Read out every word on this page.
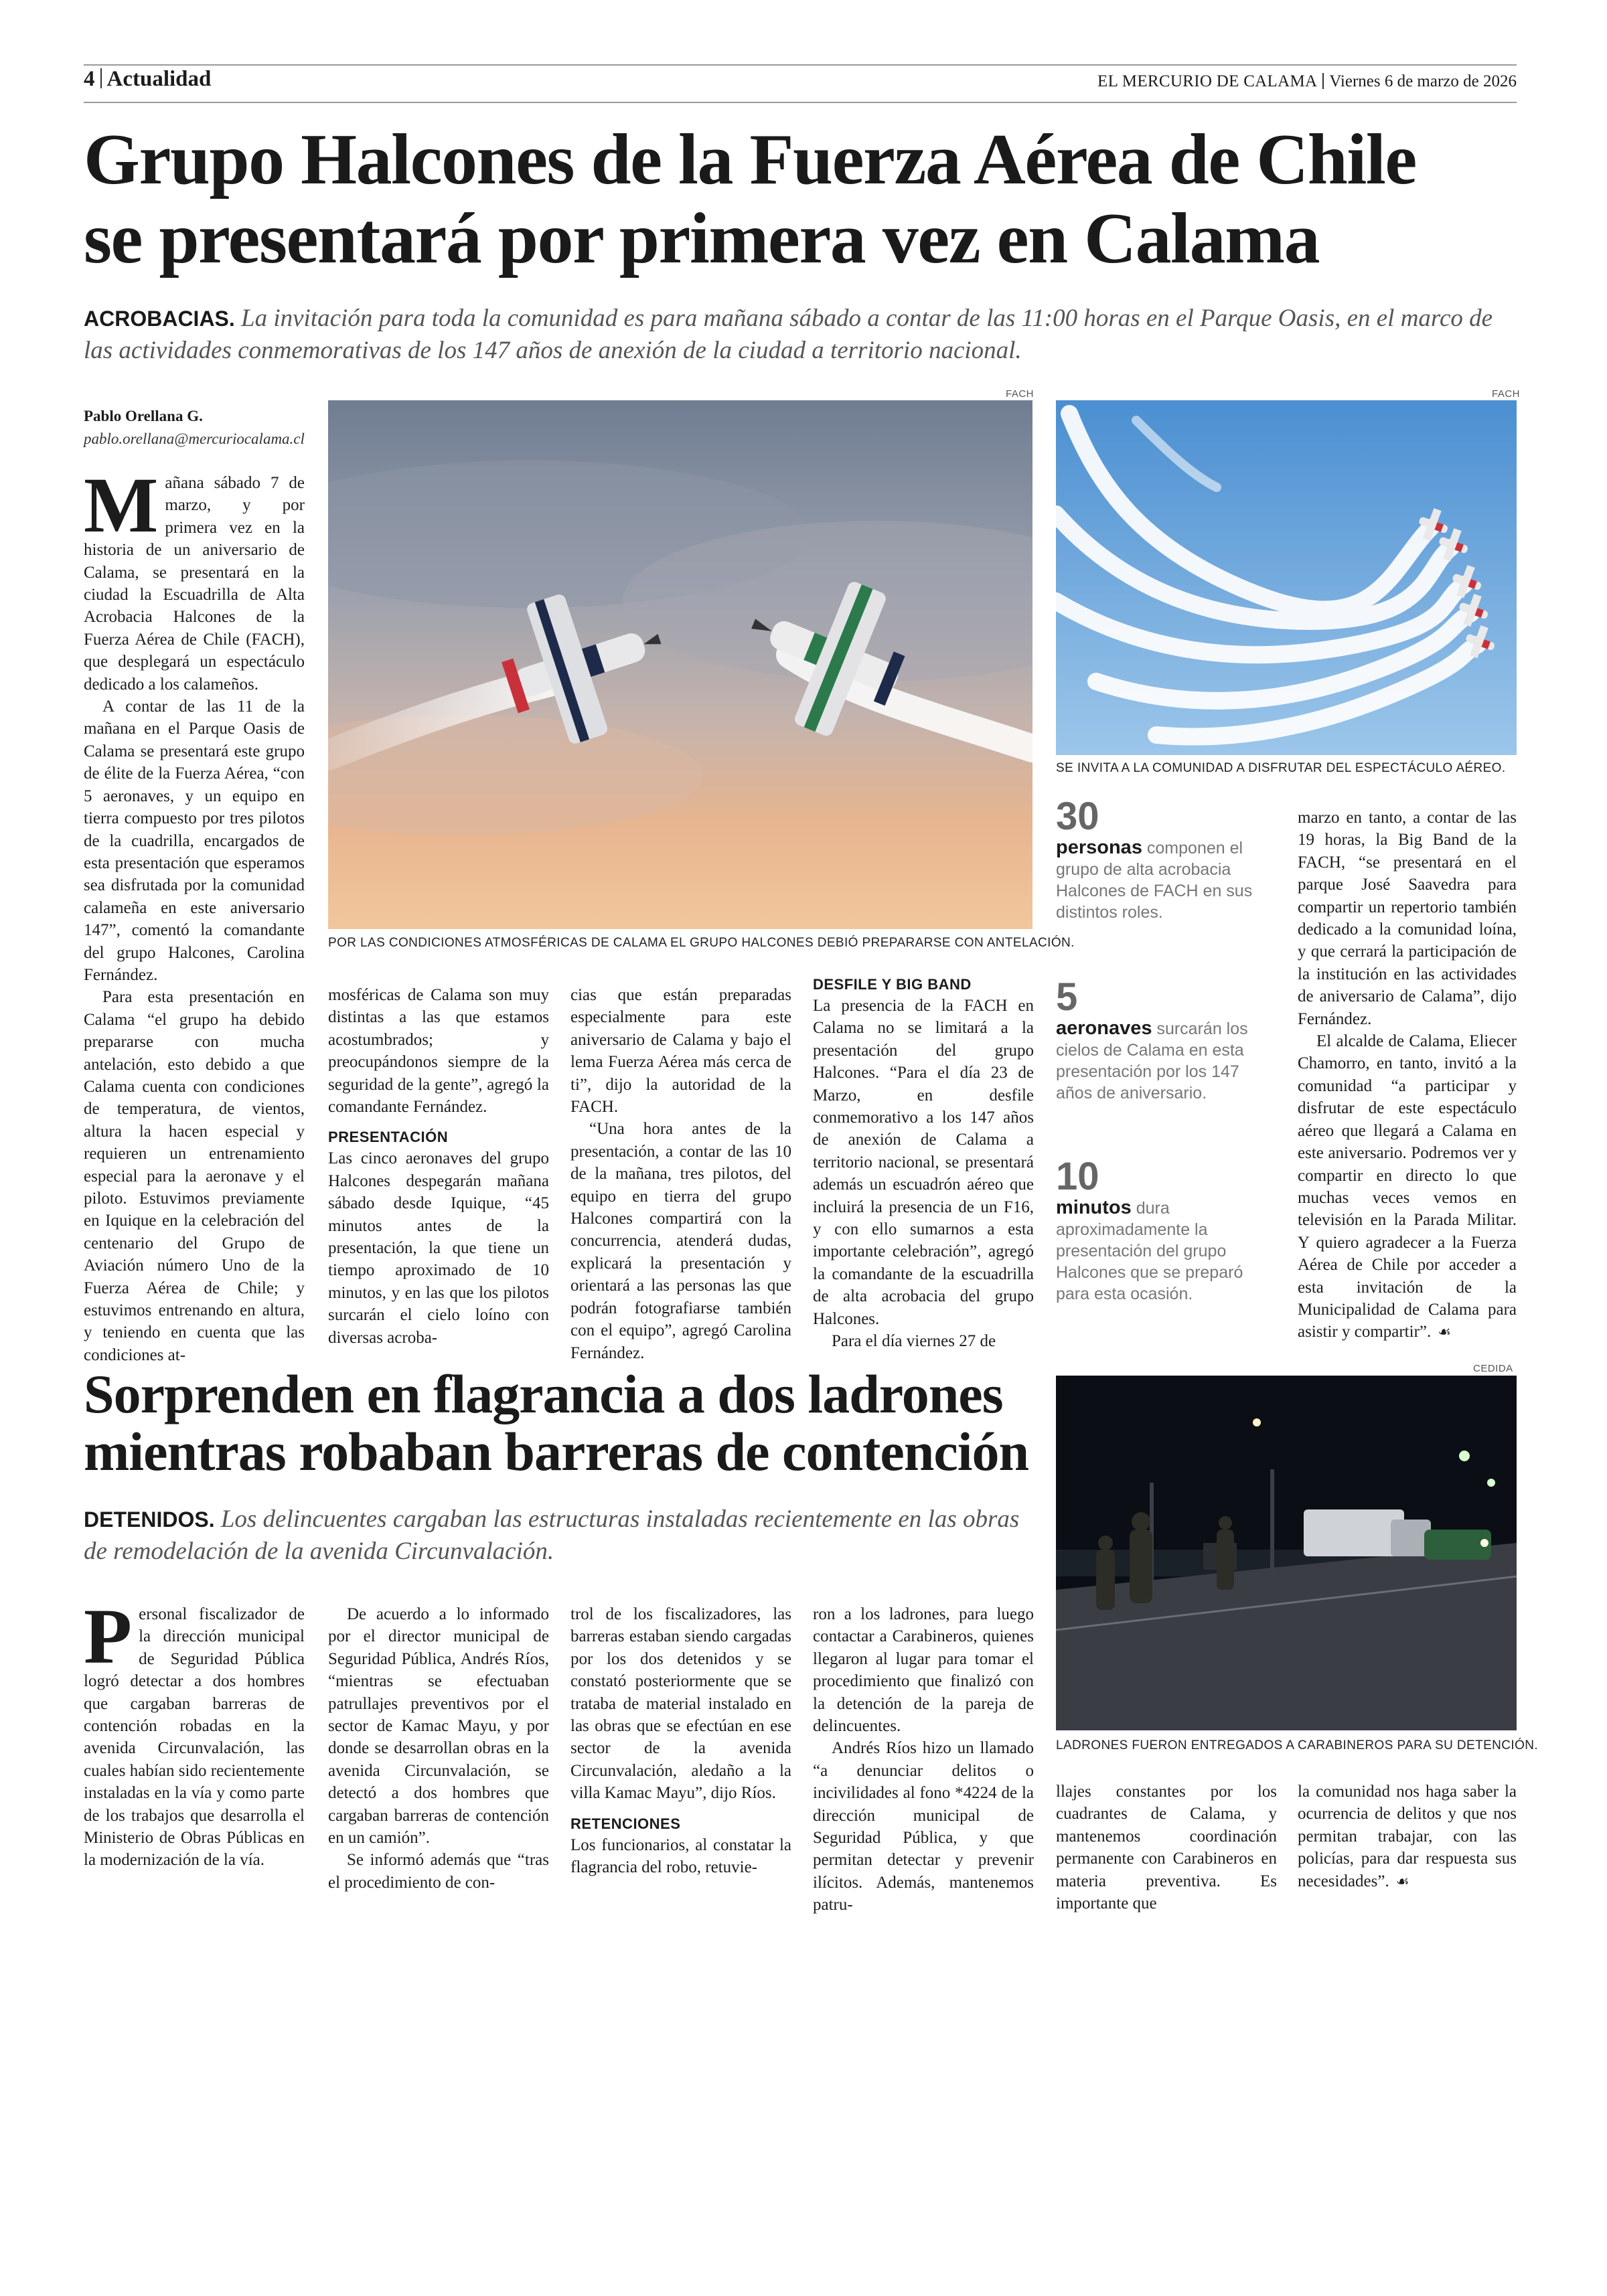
4 Actualidad	EL MERCURIO DE CALAMA Viernes 6 de marzo de 2026
Grupo Halcones de la Fuerza Aérea de Chile
se presentará por primera vez en Calama
ACROBACIAS. La invitación para toda la comunidad es para mañana sábado a contar de las 11:00 horas en el Parque Oasis, en el marco de las actividades conmemorativas de los 147 años de anexión de la ciudad a territorio nacional.
Pablo Orellana G.
pablo.orellana@mercuriocalama.cl
FACH
POR LAS CONDICIONES ATMOSFÉRICAS DE CALAMA EL GRUPO HALCONES DEBIÓ PREPARARSE CON ANTELACIÓN.
FACH
SE INVITA A LA COMUNIDAD A DISFRUTAR DEL ESPECTÁCULO AÉREO.

Mañana sábado 7 de marzo, y por primera vez en la historia de un aniversario de Calama, se presentará en la ciudad la Escuadrilla de Alta Acrobacia Halcones de la Fuerza Aérea de Chile (FACH), que desplegará un espectáculo dedicado a los calameños.

A contar de las 11 de la mañana en el Parque Oasis de Calama se presentará este grupo de élite de la Fuerza Aérea, “con 5 aeronaves, y un equipo en tierra compuesto por tres pilotos de la cuadrilla, encargados de esta presentación que esperamos sea disfrutada por la comunidad calameña en este aniversario 147”, comentó la comandante del grupo Halcones, Carolina Fernández.

Para esta presentación en Calama “el grupo ha debido prepararse con mucha antelación, esto debido a que Calama cuenta con condiciones de temperatura, de vientos, altura la hacen especial y requieren un entrenamiento especial para la aeronave y el piloto. Estuvimos previamente en Iquique en la celebración del centenario del Grupo de Aviación número Uno de la Fuerza Aérea de Chile; y estuvimos entrenando en altura, y teniendo en cuenta que las condiciones at-

mosféricas de Calama son muy distintas a las que estamos acostumbrados; y preocupándonos siempre de la seguridad de la gente”, agregó la comandante Fernández.

PRESENTACIÓN

Las cinco aeronaves del grupo Halcones despegarán mañana sábado desde Iquique, “45 minutos antes de la presentación, la que tiene un tiempo aproximado de 10 minutos, y en las que los pilotos surcarán el cielo loíno con diversas acroba-

cias que están preparadas especialmente para este aniversario de Calama y bajo el lema Fuerza Aérea más cerca de ti”, dijo la autoridad de la FACH.

“Una hora antes de la presentación, a contar de las 10 de la mañana, tres pilotos, del equipo en tierra del grupo Halcones compartirá con la concurrencia, atenderá dudas, explicará la presentación y orientará a las personas las que podrán fotografiarse también con el equipo”, agregó Carolina Fernández.

DESFILE Y BIG BAND

La presencia de la FACH en Calama no se limitará a la presentación del grupo Halcones. “Para el día 23 de Marzo, en desfile conmemorativo a los 147 años de anexión de Calama a territorio nacional, se presentará además un escuadrón aéreo que incluirá la presencia de un F16, y con ello sumarnos a esta importante celebración”, agregó la comandante de la escuadrilla de alta acrobacia del grupo Halcones.

Para el día viernes 27 de

30
personas componen el grupo de alta acrobacia Halcones de FACH en sus distintos roles.
5
aeronaves surcarán los cielos de Calama en esta presentación por los 147 años de aniversario.
10
minutos dura aproximadamente la presentación del grupo Halcones que se preparó para esta ocasión.

marzo en tanto, a contar de las 19 horas, la Big Band de la FACH, “se presentará en el parque José Saavedra para compartir un repertorio también dedicado a la comunidad loína, y que cerrará la participación de la institución en las actividades de aniversario de Calama”, dijo Fernández.

El alcalde de Calama, Eliecer Chamorro, en tanto, invitó a la comunidad “a participar y disfrutar de este espectáculo aéreo que llegará a Calama en este aniversario. Podremos ver y compartir en directo lo que muchas veces vemos en televisión en la Parada Militar. Y quiero agradecer a la Fuerza Aérea de Chile por acceder a esta invitación de la Municipalidad de Calama para asistir y compartir”. ☙

Sorprenden en flagrancia a dos ladrones
mientras robaban barreras de contención
DETENIDOS. Los delincuentes cargaban las estructuras instaladas recientemente en las obras de remodelación de la avenida Circunvalación.
CEDIDA
LADRONES FUERON ENTREGADOS A CARABINEROS PARA SU DETENCIÓN.

Personal fiscalizador de la dirección municipal de Seguridad Pública logró detectar a dos hombres que cargaban barreras de contención robadas en la avenida Circunvalación, las cuales habían sido recientemente instaladas en la vía y como parte de los trabajos que desarrolla el Ministerio de Obras Públicas en la modernización de la vía.

De acuerdo a lo informado por el director municipal de Seguridad Pública, Andrés Ríos, “mientras se efectuaban patrullajes preventivos por el sector de Kamac Mayu, y por donde se desarrollan obras en la avenida Circunvalación, se detectó a dos hombres que cargaban barreras de contención en un camión”.

Se informó además que “tras el procedimiento de con-

trol de los fiscalizadores, las barreras estaban siendo cargadas por los dos detenidos y se constató posteriormente que se trataba de material instalado en las obras que se efectúan en ese sector de la avenida Circunvalación, aledaño a la villa Kamac Mayu”, dijo Ríos.

RETENCIONES

Los funcionarios, al constatar la flagrancia del robo, retuvie-

ron a los ladrones, para luego contactar a Carabineros, quienes llegaron al lugar para tomar el procedimiento que finalizó con la detención de la pareja de delincuentes.

Andrés Ríos hizo un llamado “a denunciar delitos o incivilidades al fono *4224 de la dirección municipal de Seguridad Pública, y que permitan detectar y prevenir ilícitos. Además, mantenemos patru-

llajes constantes por los cuadrantes de Calama, y mantenemos coordinación permanente con Carabineros en materia preventiva. Es importante que

la comunidad nos haga saber la ocurrencia de delitos y que nos permitan trabajar, con las policías, para dar respuesta sus necesidades”. ☙
